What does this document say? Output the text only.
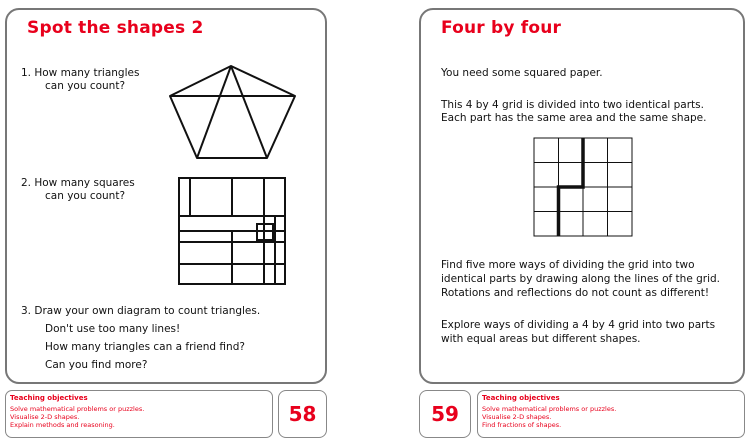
Spot the shapes 2
1. How many triangles
can you count?
2. How many squares
can you count?
3. Draw your own diagram to count triangles.
Don't use too many lines!
How many triangles can a friend find?
Can you find more?
Four by four
You need some squared paper.
This 4 by 4 grid is divided into two identical parts.
Each part has the same area and the same shape.
Find five more ways of dividing the grid into two
identical parts by drawing along the lines of the grid.
Rotations and reflections do not count as different!
Explore ways of dividing a 4 by 4 grid into two parts
with equal areas but different shapes.
Teaching objectives
Solve mathematical problems or puzzles.
Visualise 2-D shapes.
Explain methods and reasoning.	58	59
Teaching objectives
Solve mathematical problems or puzzles.
Visualise 2-D shapes.
Find fractions of shapes.
